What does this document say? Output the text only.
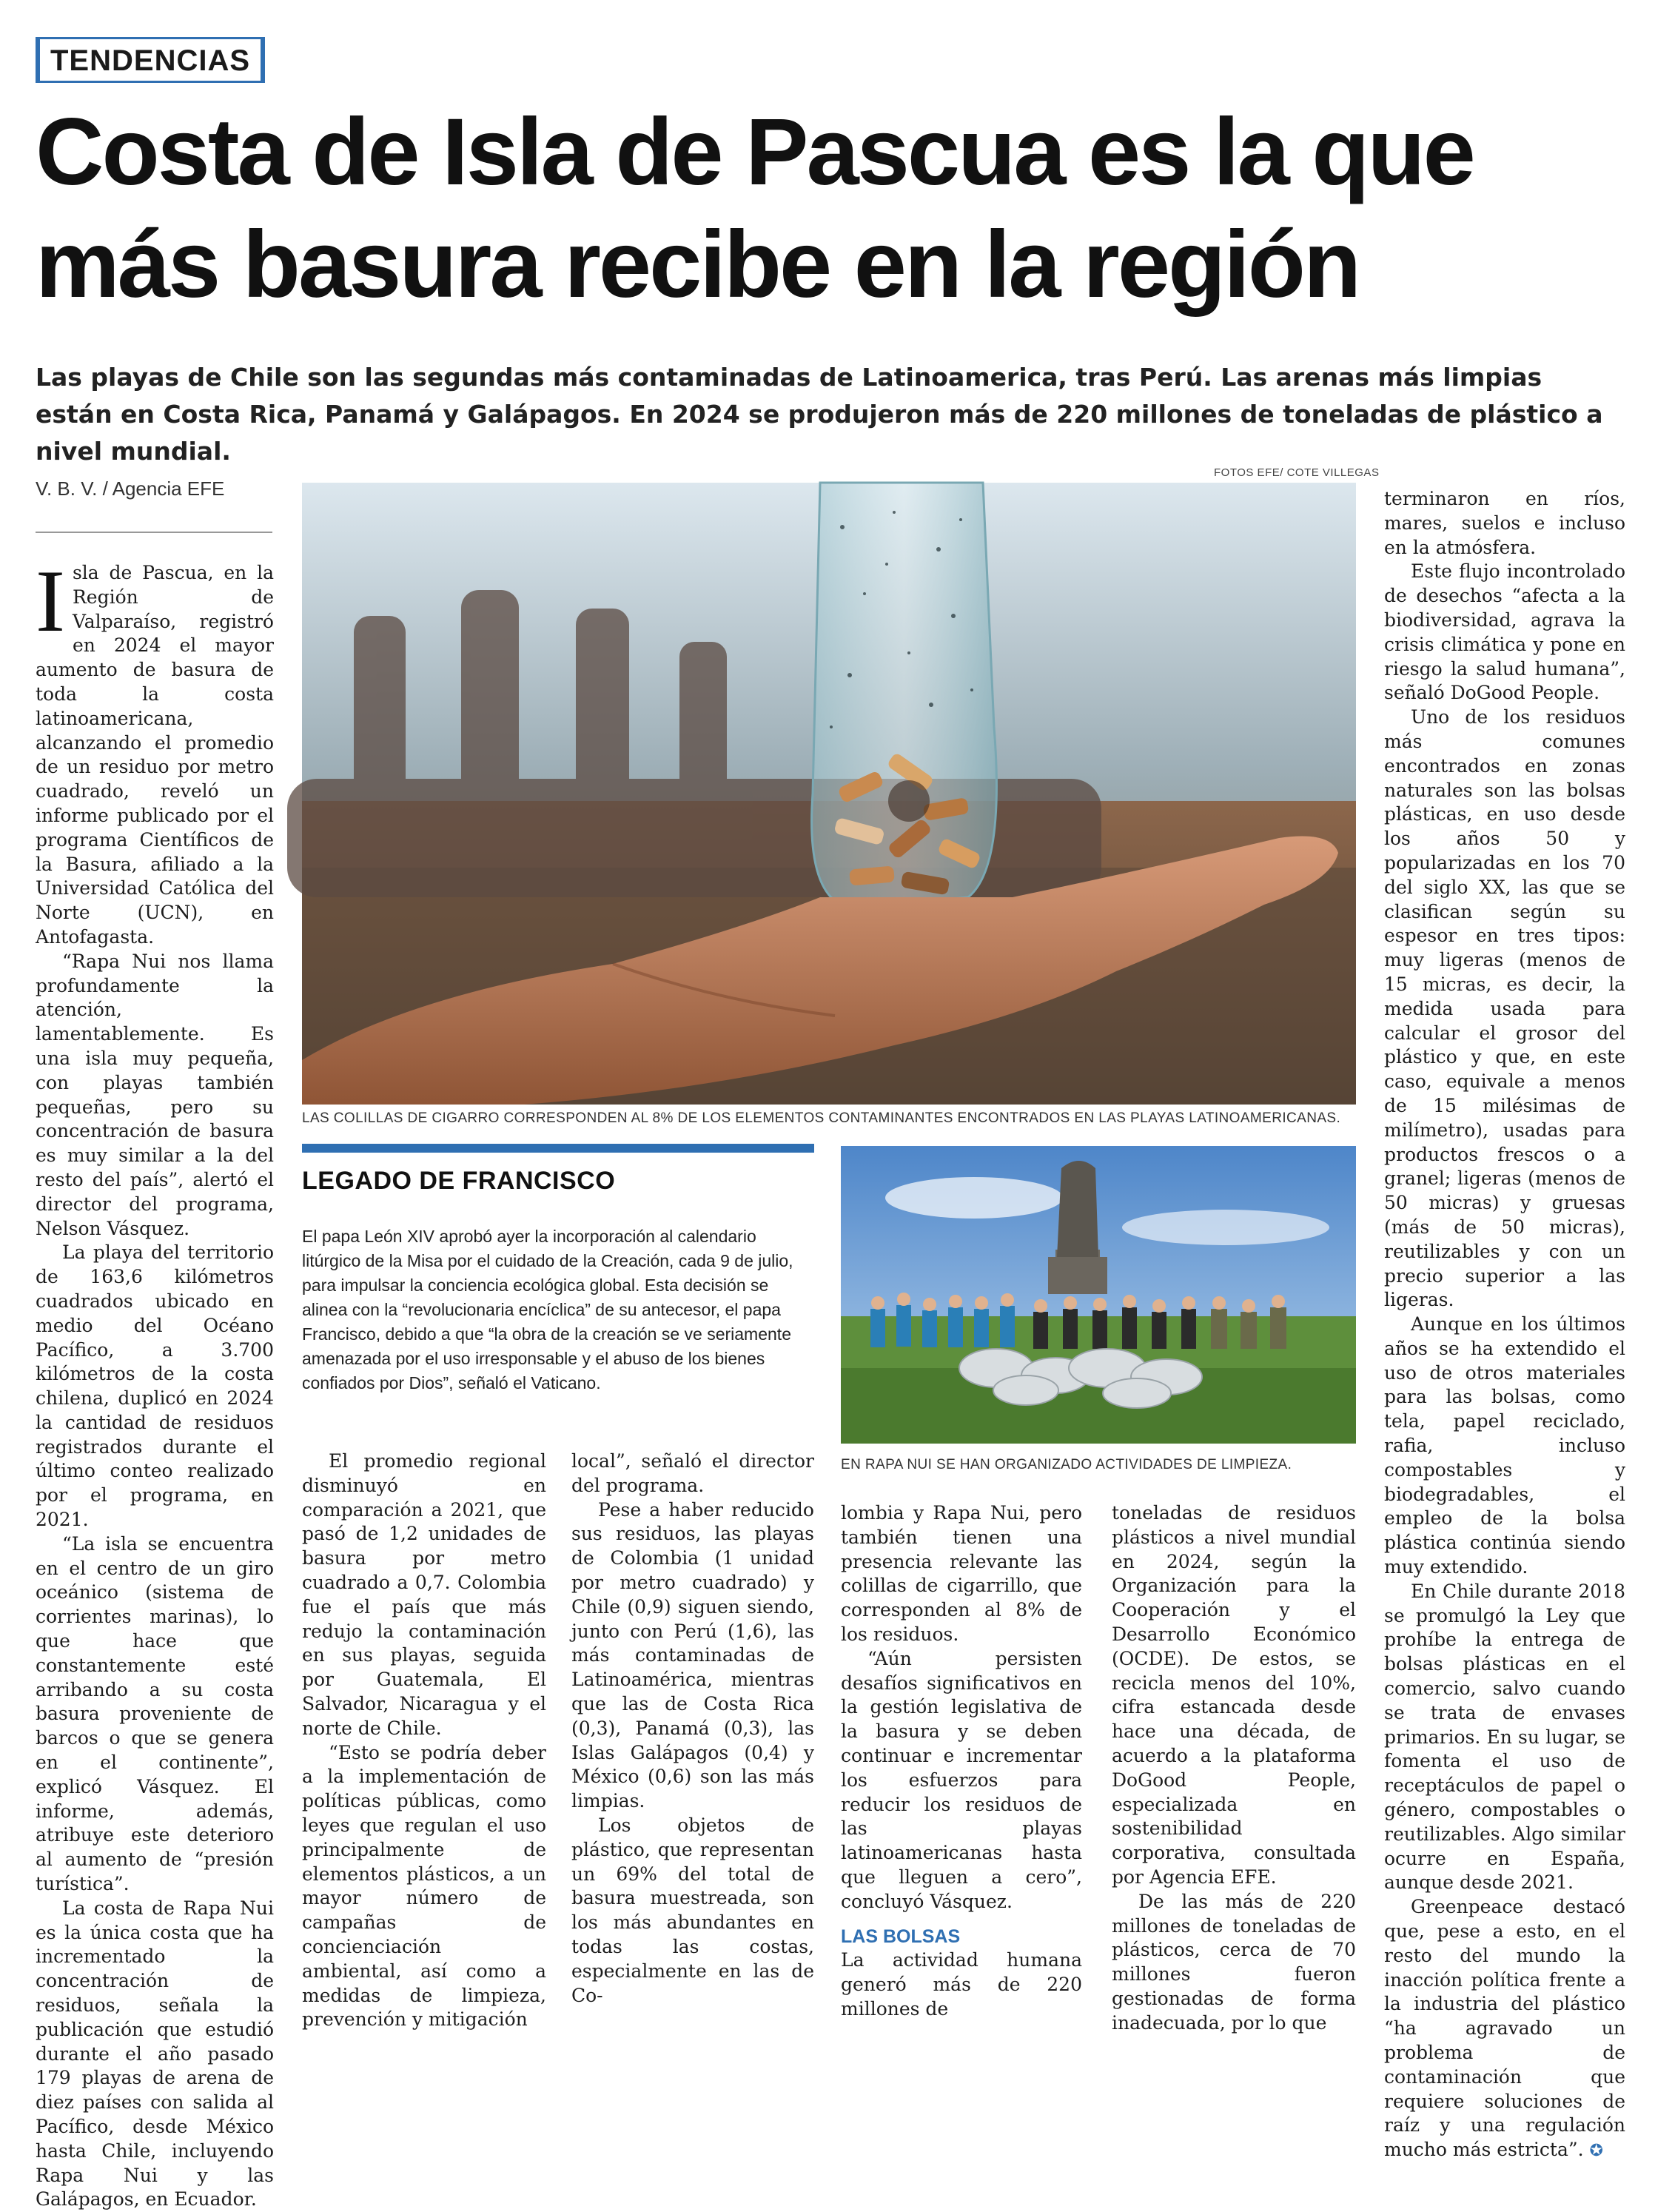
TENDENCIAS
Costa de Isla de Pascua es la que
más basura recibe en la región

Las playas de Chile son las segundas más contaminadas de Latinoamerica, tras Perú. Las arenas más limpias están en Costa Rica, Panamá y Galápagos. En 2024 se produjeron más de 220 millones de toneladas de plástico a nivel mundial.

V. B. V. / Agencia EFE
FOTOS EFE/ COTE VILLEGAS
LAS COLILLAS DE CIGARRO CORRESPONDEN AL 8% DE LOS ELEMENTOS CONTAMINANTES ENCONTRADOS EN LAS PLAYAS LATINOAMERICANAS.

Isla de Pascua, en la Región de Valparaíso, registró en 2024 el mayor aumento de basura de toda la costa latinoamericana, alcanzando el promedio de un residuo por metro cuadrado, reveló un informe publicado por el programa Científicos de la Basura, afiliado a la Universidad Católica del Norte (UCN), en Antofagasta.

“Rapa Nui nos llama profundamente la atención, lamentablemente. Es una isla muy pequeña, con playas también pequeñas, pero su concentración de basura es muy similar a la del resto del país”, alertó el director del programa, Nelson Vásquez.

La playa del territorio de 163,6 kilómetros cuadrados ubicado en medio del Océano Pacífico, a 3.700 kilómetros de la costa chilena, duplicó en 2024 la cantidad de residuos registrados durante el último conteo realizado por el programa, en 2021.

“La isla se encuentra en el centro de un giro oceánico (sistema de corrientes marinas), lo que hace que constantemente esté arribando a su costa basura proveniente de barcos o que se genera en el continente”, explicó Vásquez. El informe, además, atribuye este deterioro al aumento de “presión turística”.

La costa de Rapa Nui es la única costa que ha incrementado la concentración de residuos, señala la publicación que estudió durante el año pasado 179 playas de arena de diez países con salida al Pacífico, desde México hasta Chile, incluyendo Rapa Nui y las Galápagos, en Ecuador.

LEGADO DE FRANCISCO

El papa León XIV aprobó ayer la incorporación al calendario litúrgico de la Misa por el cuidado de la Creación, cada 9 de julio, para impulsar la conciencia ecológica global. Esta decisión se alinea con la “revolucionaria encíclica” de su antecesor, el papa Francisco, debido a que “la obra de la creación se ve seriamente amenazada por el uso irresponsable y el abuso de los bienes confiados por Dios”, señaló el Vaticano.

EN RAPA NUI SE HAN ORGANIZADO ACTIVIDADES DE LIMPIEZA.

El promedio regional disminuyó en comparación a 2021, que pasó de 1,2 unidades de basura por metro cuadrado a 0,7. Colombia fue el país que más redujo la contaminación en sus playas, seguida por Guatemala, El Salvador, Nicaragua y el norte de Chile.

“Esto se podría deber a la implementación de políticas públicas, como leyes que regulan el uso principalmente de elementos plásticos, a un mayor número de campañas de concienciación ambiental, así como a medidas de limpieza, prevención y mitigación

local”, señaló el director del programa.

Pese a haber reducido sus residuos, las playas de Colombia (1 unidad por metro cuadrado) y Chile (0,9) siguen siendo, junto con Perú (1,6), las más contaminadas de Latinoamérica, mientras que las de Costa Rica (0,3), Panamá (0,3), las Islas Galápagos (0,4) y México (0,6) son las más limpias.

Los objetos de plástico, que representan un 69% del total de basura muestreada, son los más abundantes en todas las costas, especialmente en las de Co-

lombia y Rapa Nui, pero también tienen una presencia relevante las colillas de cigarrillo, que corresponden al 8% de los residuos.

“Aún persisten desafíos significativos en la gestión legislativa de la basura y se deben continuar e incrementar los esfuerzos para reducir los residuos de las playas latinoamericanas hasta que lleguen a cero”, concluyó Vásquez.

LAS BOLSAS

La actividad humana generó más de 220 millones de

toneladas de residuos plásticos a nivel mundial en 2024, según la Organización para la Cooperación y el Desarrollo Económico (OCDE). De estos, se recicla menos del 10%, cifra estancada desde hace una década, de acuerdo a la plataforma DoGood People, especializada en sostenibilidad corporativa, consultada por Agencia EFE.

De las más de 220 millones de toneladas de plásticos, cerca de 70 millones fueron gestionadas de forma inadecuada, por lo que

terminaron en ríos, mares, suelos e incluso en la atmósfera.

Este flujo incontrolado de desechos “afecta a la biodiversidad, agrava la crisis climática y pone en riesgo la salud humana”, señaló DoGood People.

Uno de los residuos más comunes encontrados en zonas naturales son las bolsas plásticas, en uso desde los años 50 y popularizadas en los 70 del siglo XX, las que se clasifican según su espesor en tres tipos: muy ligeras (menos de 15 micras, es decir, la medida usada para calcular el grosor del plástico y que, en este caso, equivale a menos de 15 milésimas de milímetro), usadas para productos frescos o a granel; ligeras (menos de 50 micras) y gruesas (más de 50 micras), reutilizables y con un precio superior a las ligeras.

Aunque en los últimos años se ha extendido el uso de otros materiales para las bolsas, como tela, papel reciclado, rafia, incluso compostables y biodegradables, el empleo de la bolsa plástica continúa siendo muy extendido.

En Chile durante 2018 se promulgó la Ley que prohíbe la entrega de bolsas plásticas en el comercio, salvo cuando se trata de envases primarios. En su lugar, se fomenta el uso de receptáculos de papel o género, compostables o reutilizables. Algo similar ocurre en España, aunque desde 2021.

Greenpeace destacó que, pese a esto, en el resto del mundo la inacción política frente a la industria del plástico “ha agravado un problema de contaminación que requiere soluciones de raíz y una regulación mucho más estricta”. ✪
